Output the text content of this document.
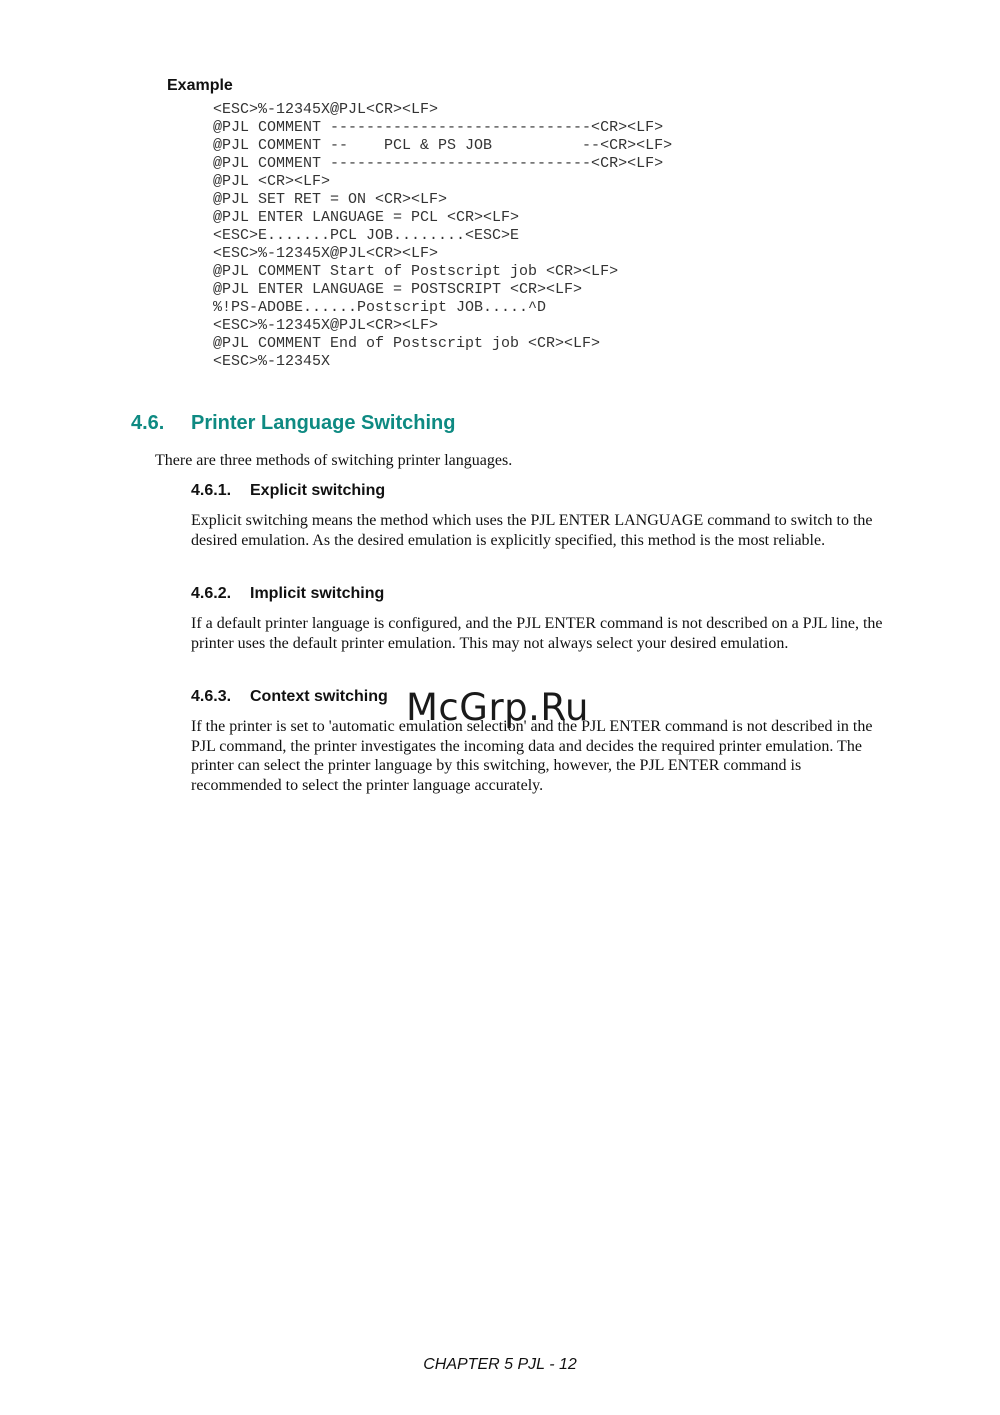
Example
<ESC>%-12345X@PJL<CR><LF>
@PJL COMMENT -----------------------------<CR><LF>
@PJL COMMENT --    PCL & PS JOB          --<CR><LF>
@PJL COMMENT -----------------------------<CR><LF>
@PJL <CR><LF>
@PJL SET RET = ON <CR><LF>
@PJL ENTER LANGUAGE = PCL <CR><LF>
<ESC>E.......PCL JOB........<ESC>E
<ESC>%-12345X@PJL<CR><LF>
@PJL COMMENT Start of Postscript job <CR><LF>
@PJL ENTER LANGUAGE = POSTSCRIPT <CR><LF>
%!PS-ADOBE......Postscript JOB.....^D
<ESC>%-12345X@PJL<CR><LF>
@PJL COMMENT End of Postscript job <CR><LF>
<ESC>%-12345X
4.6. Printer Language Switching
There are three methods of switching printer languages.
4.6.1. Explicit switching
Explicit switching means the method which uses the PJL ENTER LANGUAGE command to switch to the
desired emulation. As the desired emulation is explicitly specified, this method is the most reliable.
4.6.2. Implicit switching
If a default printer language is configured, and the PJL ENTER command is not described on a PJL line, the
printer uses the default printer emulation. This may not always select your desired emulation.
4.6.3. Context switching
If the printer is set to 'automatic emulation selection' and the PJL ENTER command is not described in the
PJL command, the printer investigates the incoming data and decides the required printer emulation. The
printer can select the printer language by this switching, however, the PJL ENTER command is
recommended to select the printer language accurately.
McGrp.Ru
CHAPTER 5 PJL - 12
